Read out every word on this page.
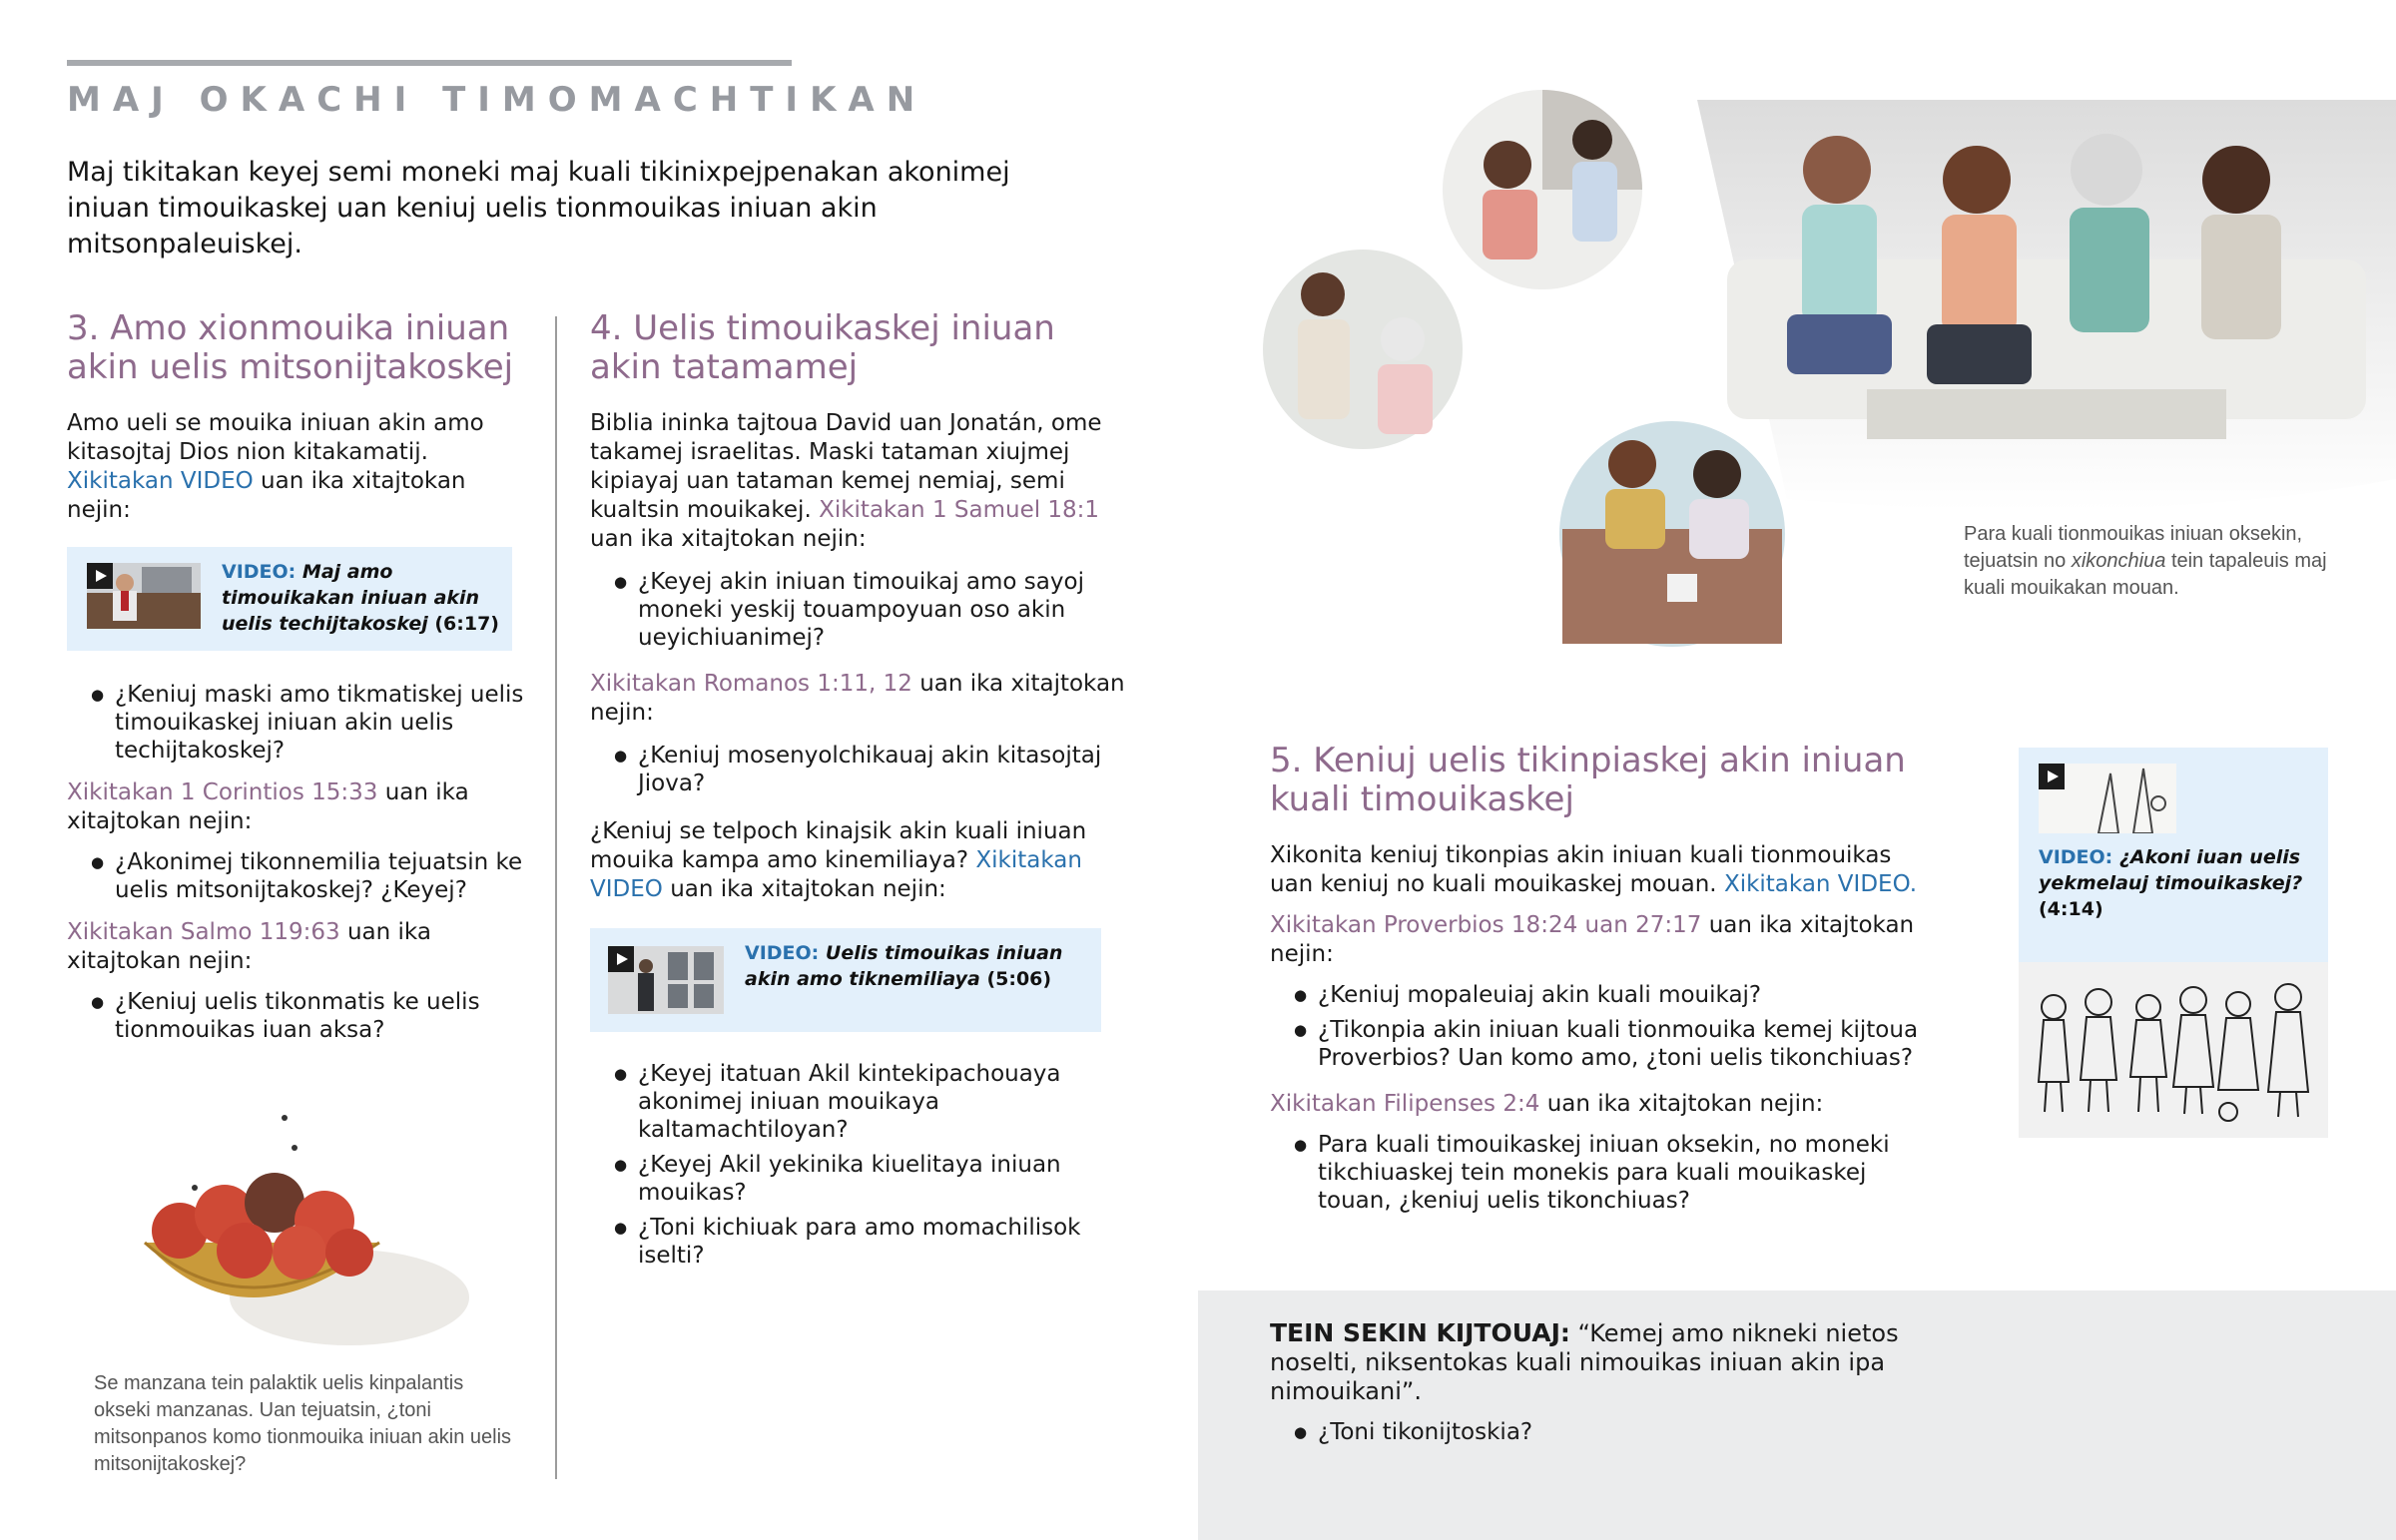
MAJ OKACHI TIMOMACHTIKAN
Maj tikitakan keyej semi moneki maj kuali tikinixpejpenakan akonimej iniuan timouikaskej uan keniuj uelis tionmouikas iniuan akin mitsonpaleuiskej.
3. Amo xionmouika iniuan akin uelis mitsonijtakoskej

Amo ueli se mouika iniuan akin amo kitasojtaj Dios nion kitakamatij. Xikitakan VIDEO uan ika xitajtokan nejin:

VIDEO: Maj amo timouikakan iniuan akin uelis techijtakoskej (6:17)
● ¿Keniuj maski amo tikmatiskej uelis timouikaskej iniuan akin uelis techijtakoskej?

Xikitakan 1 Corintios 15:33 uan ika xitajtokan nejin:

● ¿Akonimej tikonnemilia tejuatsin ke uelis mitsonijtakoskej? ¿Keyej?

Xikitakan Salmo 119:63 uan ika xitajtokan nejin:

● ¿Keniuj uelis tikonmatis ke uelis tionmouikas iuan aksa?
Se manzana tein palaktik uelis kinpalantis okseki manzanas. Uan tejuatsin, ¿toni mitsonpanos komo tionmouika iniuan akin uelis mitsonijtakoskej?
4. Uelis timouikaskej iniuan akin tatamamej

Biblia ininka tajtoua David uan Jonatán, ome takamej israelitas. Maski tataman xiujmej kipiayaj uan tataman kemej nemiaj, semi kualtsin mouikakej. Xikitakan 1 Samuel 18:1 uan ika xitajtokan nejin:

● ¿Keyej akin iniuan timouikaj amo sayoj moneki yeskij touampoyuan oso akin ueyichiuanimej?

Xikitakan Romanos 1:11, 12 uan ika xitajtokan nejin:

● ¿Keniuj mosenyolchikauaj akin kitasojtaj Jiova?

¿Keniuj se telpoch kinajsik akin kuali iniuan mouika kampa amo kinemiliaya? Xikitakan VIDEO uan ika xitajtokan nejin:

VIDEO: Uelis timouikas iniuan akin amo tiknemiliaya (5:06)
● ¿Keyej itatuan Akil kintekipachouaya akonimej iniuan mouikaya kaltamachtiloyan?
● ¿Keyej Akil yekinika kiuelitaya iniuan mouikas?
● ¿Toni kichiuak para amo momachilisok iselti?
Para kuali tionmouikas iniuan oksekin, tejuatsin no xikonchiua tein tapaleuis maj kuali mouikakan mouan.
5. Keniuj uelis tikinpiaskej akin iniuan kuali timouikaskej

Xikonita keniuj tikonpias akin iniuan kuali tionmouikas uan keniuj no kuali mouikaskej mouan. Xikitakan VIDEO.

Xikitakan Proverbios 18:24 uan 27:17 uan ika xitajtokan nejin:

● ¿Keniuj mopaleuiaj akin kuali mouikaj?
● ¿Tikonpia akin iniuan kuali tionmouika kemej kijtoua Proverbios? Uan komo amo, ¿toni uelis tikonchiuas?

Xikitakan Filipenses 2:4 uan ika xitajtokan nejin:

● Para kuali timouikaskej iniuan oksekin, no moneki tikchiuaskej tein monekis para kuali mouikaskej touan, ¿keniuj uelis tikonchiuas?
VIDEO: ¿Akoni iuan uelis yekmelauj timouikaskej? (4:14)

TEIN SEKIN KIJTOUAJ: “Kemej amo nikneki nietos noselti, niksentokas kuali nimouikas iniuan akin ipa nimouikani”.

● ¿Toni tikonijtoskia?
